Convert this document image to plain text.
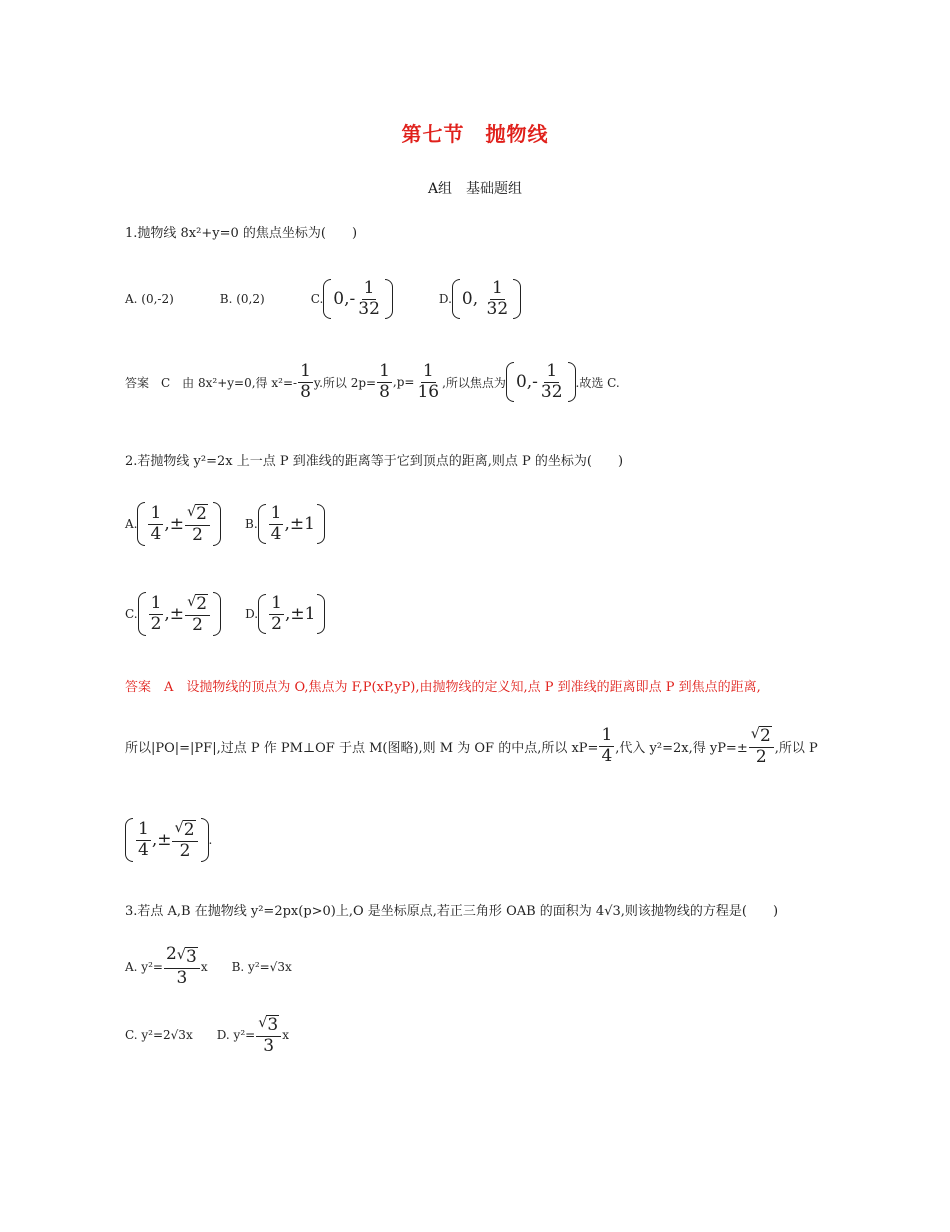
第七节　抛物线
A组　基础题组
1.抛物线 8x²+y=0 的焦点坐标为(　　)
A. (0,-2)	B. (0,2)	C. $0,- \frac{1}{32}$	D. 0, $\frac{1}{32}$
答案　C　由 8x²+y=0,得 $x^2=- \frac{1}{8} y$.所以 $2p= \frac{1}{8} ,p= \frac{1}{16}$ ,所以焦点为 $0,- \frac{1}{32}$ .故选 C.
2.若抛物线 y²=2x 上一点 P 到准线的距离等于它到顶点的距离,则点 P 的坐标为(　　)
A. $\frac{1}{4}$ ,± $\frac{√ 2}{2}$	B. $\frac{1}{4} ,\pm 1$
C. $\frac{1}{2}$ ,± $\frac{√ 2}{2}$	D. $\frac{1}{2} ,\pm 1$
答案　A　设抛物线的顶点为 O,焦点为 F,P(xP,yP),由抛物线的定义知,点 P 到准线的距离即点 P 到焦点的距离,
所以|PO|=|PF|,过点 P 作 PM⊥OF 于点 M(图略),则 M 为 OF 的中点,所以 $xP= \frac{1}{4}$ ,代入 y²=2x,得 $yP=\pm \frac{√ 2}{2}$ ,所以 P
$\frac{1}{4}$ ,± $\frac{√ 2}{2}$ .
3.若点 A,B 在抛物线 y²=2px(p>0)上,O 是坐标原点,若正三角形 OAB 的面积为 4√3,则该抛物线的方程是(　　)
A. $y^2= \frac{2 √ 3}{3}$ x B. y²=√3x
C. y²=2√3x D. $y^2= \frac{√ 3}{3}$ x
